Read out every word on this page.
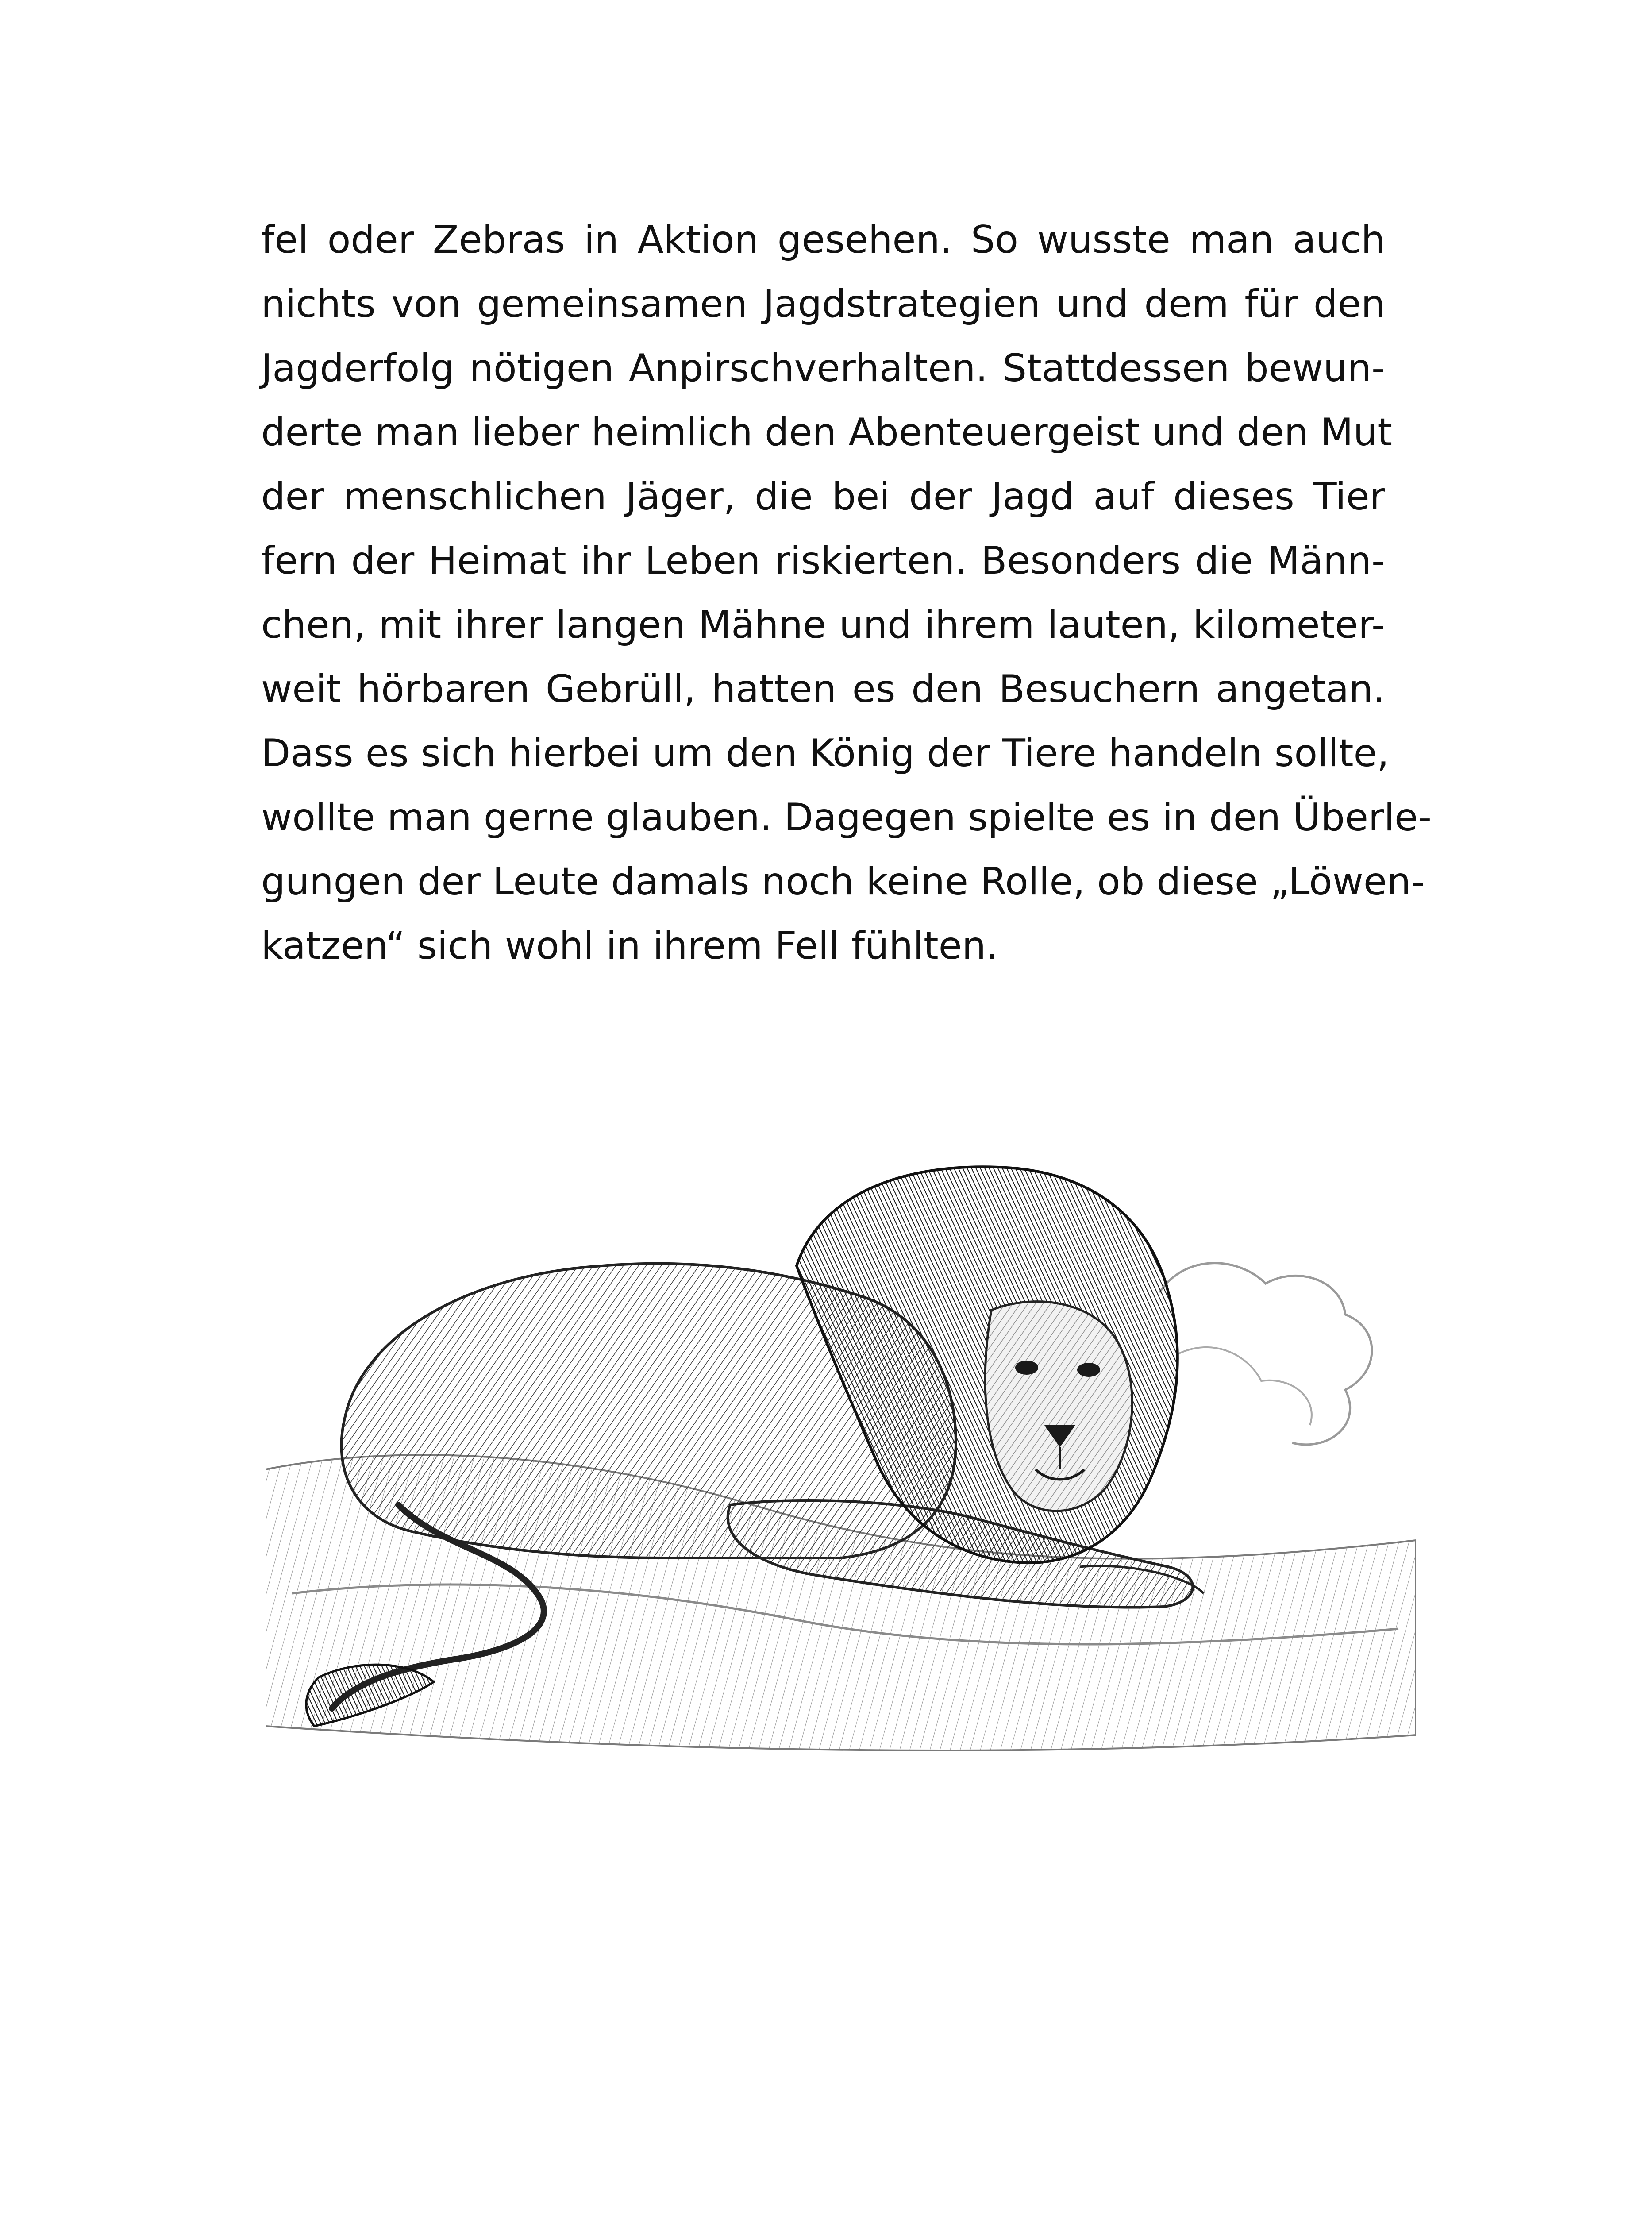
fel oder Zebras in Aktion gesehen. So wusste man auch
nichts von gemeinsamen Jagdstrategien und dem für den
Jagderfolg nötigen Anpirschverhalten. Stattdessen bewun-
derte man lieber heimlich den Abenteuergeist und den Mut
der menschlichen Jäger, die bei der Jagd auf dieses Tier
fern der Heimat ihr Leben riskierten. Besonders die Männ-
chen, mit ihrer langen Mähne und ihrem lauten, kilometer-
weit hörbaren Gebrüll, hatten es den Besuchern angetan.
Dass es sich hierbei um den König der Tiere handeln sollte,
wollte man gerne glauben. Dagegen spielte es in den Überle-
gungen der Leute damals noch keine Rolle, ob diese „Löwen-
katzen“ sich wohl in ihrem Fell fühlten.
